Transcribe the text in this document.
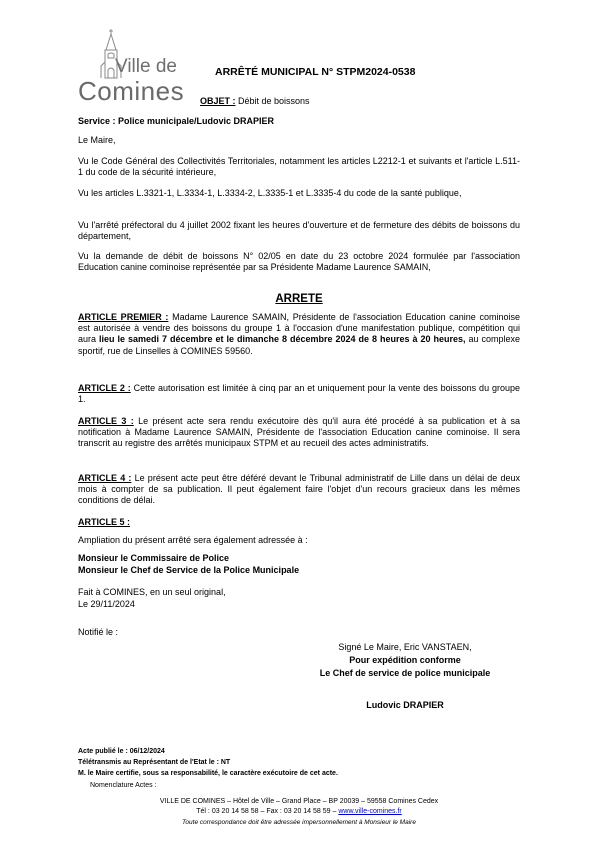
Ville de
Comines
ARRÊTÉ MUNICIPAL N° STPM2024-0538
OBJET : Débit de boissons
Service : Police municipale/Ludovic DRAPIER
Le Maire,
Vu le Code Général des Collectivités Territoriales, notamment les articles L2212-1 et suivants et l'article L.511-1 du code de la sécurité intérieure,
Vu les articles L.3321-1, L.3334-1, L.3334-2, L.3335-1 et L.3335-4 du code de la santé publique,
Vu l'arrêté préfectoral du 4 juillet 2002 fixant les heures d'ouverture et de fermeture des débits de boissons du département,
Vu la demande de débit de boissons N° 02/05 en date du 23 octobre 2024 formulée par l'association Education canine cominoise représentée par sa Présidente Madame Laurence SAMAIN,
ARRETE
ARTICLE PREMIER : Madame Laurence SAMAIN, Présidente de l'association Education canine cominoise est autorisée à vendre des boissons du groupe 1 à l'occasion d'une manifestation publique, compétition qui aura lieu le samedi 7 décembre et le dimanche 8 décembre 2024 de 8 heures à 20 heures, au complexe sportif, rue de Linselles à COMINES 59560.
ARTICLE 2 : Cette autorisation est limitée à cinq par an et uniquement pour la vente des boissons du groupe 1.
ARTICLE 3 : Le présent acte sera rendu exécutoire dès qu'il aura été procédé à sa publication et à sa notification à Madame Laurence SAMAIN, Présidente de l'association Education canine cominoise. Il sera transcrit au registre des arrêtés municipaux STPM et au recueil des actes administratifs.
ARTICLE 4 : Le présent acte peut être déféré devant le Tribunal administratif de Lille dans un délai de deux mois à compter de sa publication. Il peut également faire l'objet d'un recours gracieux dans les mêmes conditions de délai.
ARTICLE 5 :
Ampliation du présent arrêté sera également adressée à :
Monsieur le Commissaire de Police
Monsieur le Chef de Service de la Police Municipale
Fait à COMINES, en un seul original,
Le 29/11/2024
Notifié le :
Signé Le Maire, Eric VANSTAEN,
Pour expédition conforme
Le Chef de service de police municipale
Ludovic DRAPIER
Acte publié le : 06/12/2024
Télétransmis au Représentant de l'Etat le : NT
M. le Maire certifie, sous sa responsabilité, le caractère exécutoire de cet acte.
Nomenclature Actes :
VILLE DE COMINES – Hôtel de Ville – Grand Place – BP 20039 – 59558 Comines Cedex
Tél : 03 20 14 58 58 – Fax : 03 20 14 58 59 – www.ville-comines.fr
Toute correspondance doit être adressée impersonnellement à Monsieur le Maire
